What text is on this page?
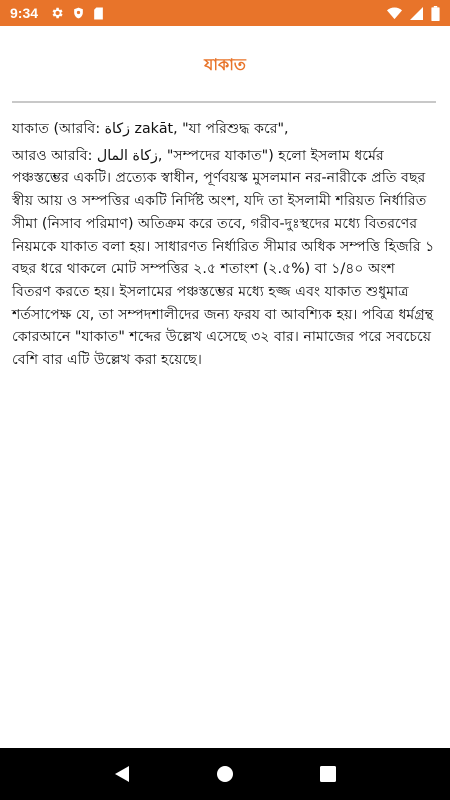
9:34
যাকাত

যাকাত (আরবি: زكاة zakāt, "যা পরিশুদ্ধ করে",

আরও আরবি: زكاة المال, "সম্পদের যাকাত") হলো ইসলাম ধর্মের পঞ্চস্তম্ভের একটি। প্রত্যেক স্বাধীন, পূর্ণবয়স্ক মুসলমান নর-নারীকে প্রতি বছর স্বীয় আয় ও সম্পত্তির একটি নির্দিষ্ট অংশ, যদি তা ইসলামী শরিয়ত নির্ধারিত সীমা (নিসাব পরিমাণ) অতিক্রম করে তবে, গরীব-দুঃস্থদের মধ্যে বিতরণের নিয়মকে যাকাত বলা হয়। সাধারণত নির্ধারিত সীমার অধিক সম্পত্তি হিজরি ১ বছর ধরে থাকলে মোট সম্পত্তির ২.৫ শতাংশ (২.৫%) বা ১/৪০ অংশ বিতরণ করতে হয়। ইসলামের পঞ্চস্তম্ভের মধ্যে হজ্জ এবং যাকাত শুধুমাত্র শর্তসাপেক্ষ যে, তা সম্পদশালীদের জন্য ফরয বা আবশ্যিক হয়। পবিত্র ধর্মগ্রন্থ কোরআনে "যাকাত" শব্দের উল্লেখ এসেছে ৩২ বার। নামাজের পরে সবচেয়ে বেশি বার এটি উল্লেখ করা হয়েছে।
